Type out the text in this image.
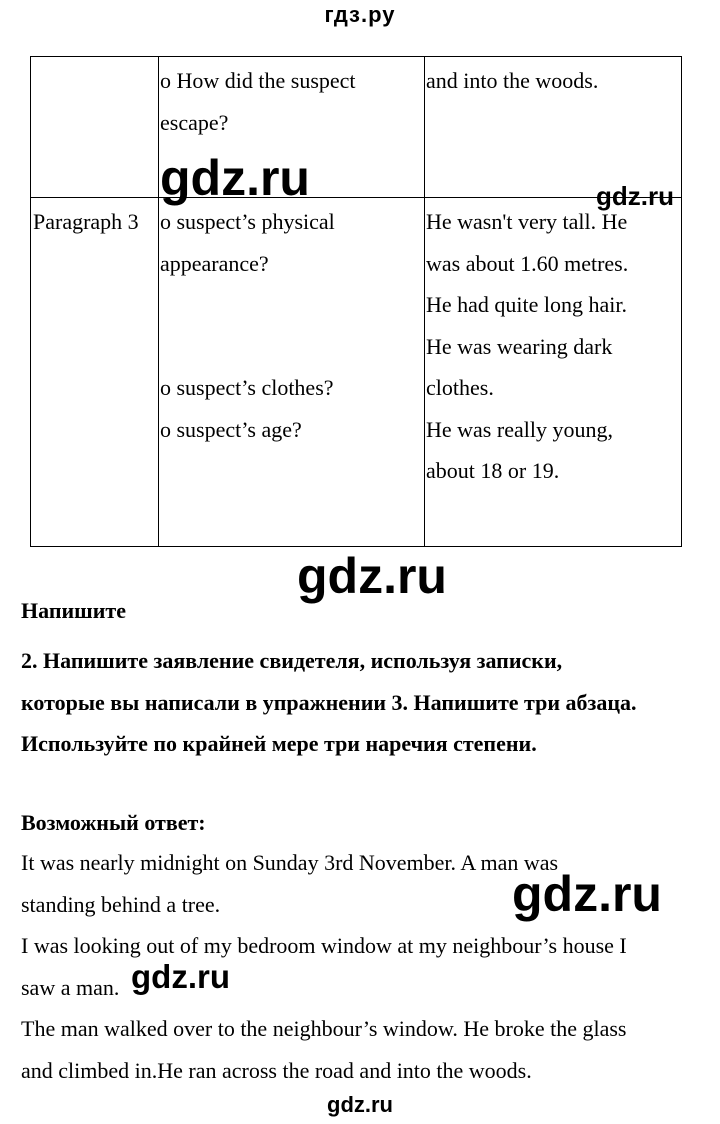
гдз.ру
o How did the suspect
escape?
and into the woods.
Paragraph 3 o suspect’s physical
appearance?
o suspect’s clothes?
o suspect’s age?
He wasn't very tall. He
was about 1.60 metres.
He had quite long hair.
He was wearing dark
clothes.
He was really young,
about 18 or 19.
gdz.ru	gdz.ru
gdz.ru
gdz.ru
gdz.ru
Напишите
2. Напишите заявление свидетеля, используя записки,
которые вы написали в упражнении 3. Напишите три абзаца.
Используйте по крайней мере три наречия степени.
Возможный ответ:
It was nearly midnight on Sunday 3rd November. A man was
standing behind a tree.
I was looking out of my bedroom window at my neighbour’s house I
saw a man.
The man walked over to the neighbour’s window. He broke the glass
and climbed in.He ran across the road and into the woods.
gdz.ru
